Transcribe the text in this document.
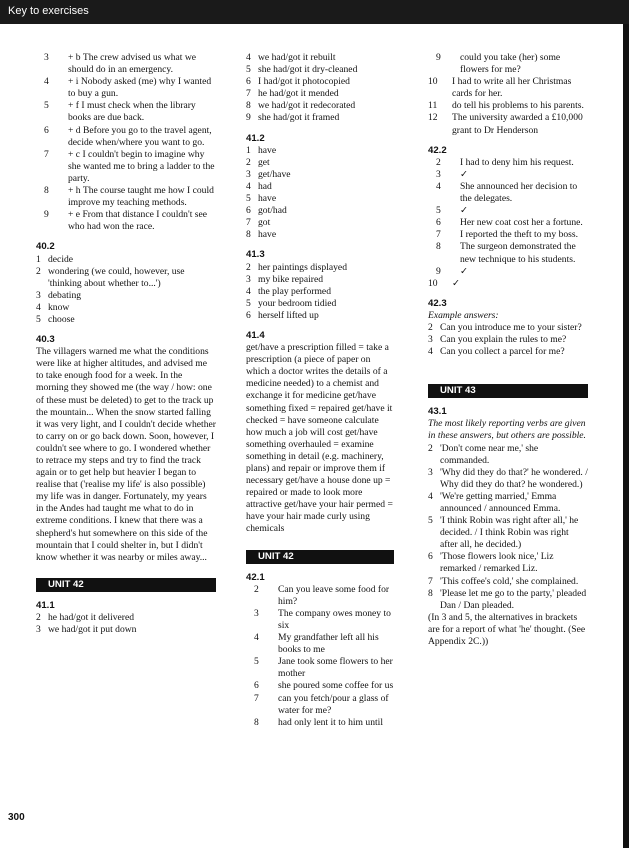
Key to exercises
3	+ b The crew advised us what we should do in an emergency.
4	+ i Nobody asked (me) why I wanted to buy a gun.
5	+ f I must check when the library books are due back.
6	+ d Before you go to the travel agent, decide when/where you want to go.
7	+ c I couldn't begin to imagine why she wanted me to bring a ladder to the party.
8	+ h The course taught me how I could improve my teaching methods.
9	+ e From that distance I couldn't see who had won the race.
40.2
1 decide
2 wondering (we could, however, use 'thinking about whether to...')
3 debating
4 know
5 choose
40.3

The villagers warned me what the conditions were like at higher altitudes, and advised me to take enough food for a week. In the morning they showed me (the way / how: one of these must be deleted) to get to the track up the mountain... When the snow started falling it was very light, and I couldn't decide whether to carry on or go back down. Soon, however, I couldn't see where to go. I wondered whether to retrace my steps and try to find the track again or to get help but heavier I began to realise that ('realise my life' is also possible) my life was in danger. Fortunately, my years in the Andes had taught me what to do in extreme conditions. I knew that there was a shepherd's hut somewhere on this side of the mountain that I could shelter in, but I didn't know whether it was nearby or miles away...

UNIT 42
41.1
2 he had/got it delivered
3 we had/got it put down
4 we had/got it rebuilt
5 she had/got it dry-cleaned
6 I had/got it photocopied
7 he had/got it mended
8 we had/got it redecorated
9 she had/got it framed
41.2
1 have
2 get
3 get/have
4 had
5 have
6 got/had
7 got
8 have
41.3
2 her paintings displayed
3 my bike repaired
4 the play performed
5 your bedroom tidied
6 herself lifted up
41.4

get/have a prescription filled = take a prescription (a piece of paper on which a doctor writes the details of a medicine needed) to a chemist and exchange it for medicine get/have something fixed = repaired get/have it checked = have someone calculate how much a job will cost get/have something overhauled = examine something in detail (e.g. machinery, plans) and repair or improve them if necessary get/have a house done up = repaired or made to look more attractive get/have your hair permed = have your hair made curly using chemicals

UNIT 42
42.1
2	Can you leave some food for him?
3	The company owes money to six
4	My grandfather left all his books to me
5	Jane took some flowers to her mother
6	she poured some coffee for us
7	can you fetch/pour a glass of water for me?
8	had only lent it to him until
9	could you take (her) some flowers for me?
10	I had to write all her Christmas cards for her.
11	do tell his problems to his parents.
12	The university awarded a £10,000 grant to Dr Henderson
42.2
2	I had to deny him his request.
3	✓
4	She announced her decision to the delegates.
5	✓
6	Her new coat cost her a fortune.
7	I reported the theft to my boss.
8	The surgeon demonstrated the new technique to his students.
9	✓
10	✓
42.3
Example answers:
2 Can you introduce me to your sister?
3 Can you explain the rules to me?
4 Can you collect a parcel for me?
UNIT 43
43.1
The most likely reporting verbs are given in these answers, but others are possible.
2 'Don't come near me,' she commanded.
3 'Why did they do that?' he wondered. / Why did they do that? he wondered.)
4 'We're getting married,' Emma announced / announced Emma.
5 'I think Robin was right after all,' he decided. / I think Robin was right after all, he decided.)
6 'Those flowers look nice,' Liz remarked / remarked Liz.
7 'This coffee's cold,' she complained.
8 'Please let me go to the party,' pleaded Dan / Dan pleaded.

(In 3 and 5, the alternatives in brackets are for a report of what 'he' thought. (See Appendix 2C.))

300
